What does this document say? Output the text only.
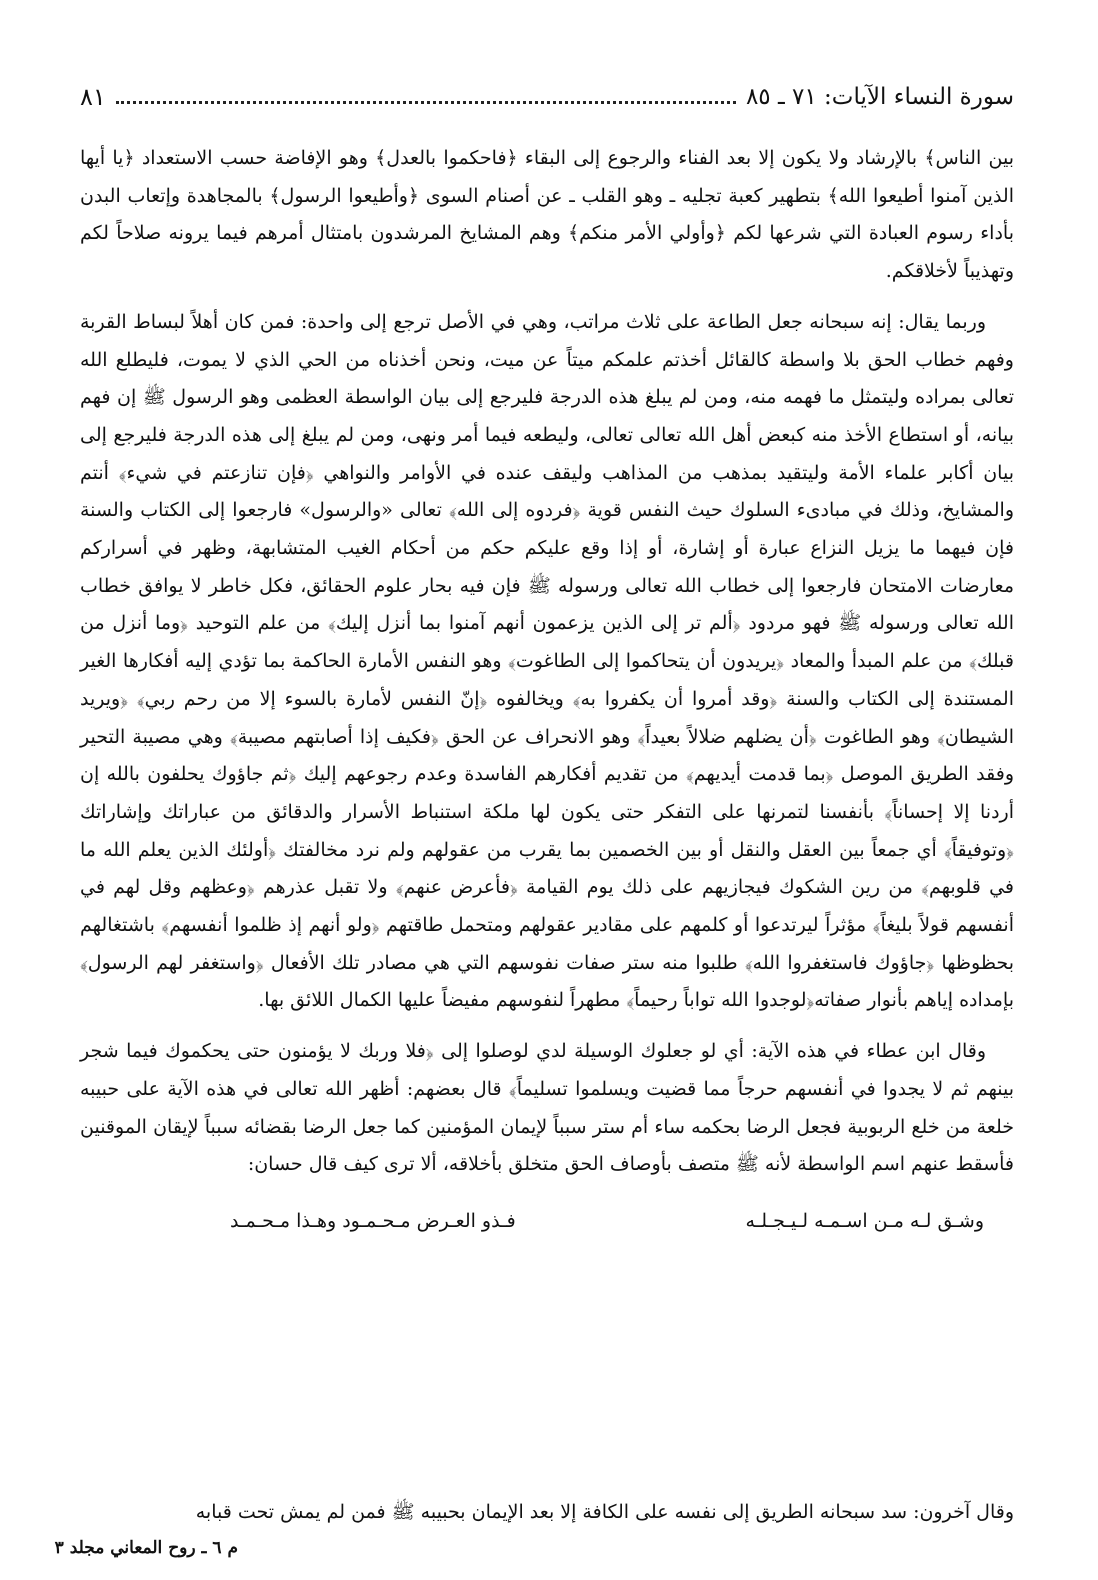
سورة النساء الآيات: ٧١ ـ ٨٥
٨١

بين الناس﴾ بالإرشاد ولا يكون إلا بعد الفناء والرجوع إلى البقاء ﴿فاحكموا بالعدل﴾ وهو الإفاضة حسب الاستعداد ﴿يا أيها الذين آمنوا أطيعوا الله﴾ بتطهير كعبة تجليه ـ وهو القلب ـ عن أصنام السوى ﴿وأطيعوا الرسول﴾ بالمجاهدة وإتعاب البدن بأداء رسوم العبادة التي شرعها لكم ﴿وأولي الأمر منكم﴾ وهم المشايخ المرشدون بامتثال أمرهم فيما يرونه صلاحاً لكم وتهذيباً لأخلاقكم.

وربما يقال: إنه سبحانه جعل الطاعة على ثلاث مراتب، وهي في الأصل ترجع إلى واحدة: فمن كان أهلاً لبساط القربة وفهم خطاب الحق بلا واسطة كالقائل أخذتم علمكم ميتاً عن ميت، ونحن أخذناه من الحي الذي لا يموت، فليطلع الله تعالى بمراده وليتمثل ما فهمه منه، ومن لم يبلغ هذه الدرجة فليرجع إلى بيان الواسطة العظمى وهو الرسول ﷺ إن فهم بيانه، أو استطاع الأخذ منه كبعض أهل الله تعالى تعالى، وليطعه فيما أمر ونهى، ومن لم يبلغ إلى هذه الدرجة فليرجع إلى بيان أكابر علماء الأمة وليتقيد بمذهب من المذاهب وليقف عنده في الأوامر والنواهي ﴿فإن تنازعتم في شيء﴾ أنتم والمشايخ، وذلك في مبادىء السلوك حيث النفس قوية ﴿فردوه إلى الله﴾ تعالى «والرسول» فارجعوا إلى الكتاب والسنة فإن فيهما ما يزيل النزاع عبارة أو إشارة، أو إذا وقع عليكم حكم من أحكام الغيب المتشابهة، وظهر في أسراركم معارضات الامتحان فارجعوا إلى خطاب الله تعالى ورسوله ﷺ فإن فيه بحار علوم الحقائق، فكل خاطر لا يوافق خطاب الله تعالى ورسوله ﷺ فهو مردود ﴿ألم تر إلى الذين يزعمون أنهم آمنوا بما أنزل إليك﴾ من علم التوحيد ﴿وما أنزل من قبلك﴾ من علم المبدأ والمعاد ﴿يريدون أن يتحاكموا إلى الطاغوت﴾ وهو النفس الأمارة الحاكمة بما تؤدي إليه أفكارها الغير المستندة إلى الكتاب والسنة ﴿وقد أمروا أن يكفروا به﴾ ويخالفوه ﴿إنّ النفس لأمارة بالسوء إلا من رحم ربي﴾ ﴿ويريد الشيطان﴾ وهو الطاغوت ﴿أن يضلهم ضلالاً بعيداً﴾ وهو الانحراف عن الحق ﴿فكيف إذا أصابتهم مصيبة﴾ وهي مصيبة التحير وفقد الطريق الموصل ﴿بما قدمت أيديهم﴾ من تقديم أفكارهم الفاسدة وعدم رجوعهم إليك ﴿ثم جاؤوك يحلفون بالله إن أردنا إلا إحساناً﴾ بأنفسنا لتمرنها على التفكر حتى يكون لها ملكة استنباط الأسرار والدقائق من عباراتك وإشاراتك ﴿وتوفيقاً﴾ أي جمعاً بين العقل والنقل أو بين الخصمين بما يقرب من عقولهم ولم نرد مخالفتك ﴿أولئك الذين يعلم الله ما في قلوبهم﴾ من رين الشكوك فيجازيهم على ذلك يوم القيامة ﴿فأعرض عنهم﴾ ولا تقبل عذرهم ﴿وعظهم وقل لهم في أنفسهم قولاً بليغاً﴾ مؤثراً ليرتدعوا أو كلمهم على مقادير عقولهم ومتحمل طاقتهم ﴿ولو أنهم إذ ظلموا أنفسهم﴾ باشتغالهم بحظوظها ﴿جاؤوك فاستغفروا الله﴾ طلبوا منه ستر صفات نفوسهم التي هي مصادر تلك الأفعال ﴿واستغفر لهم الرسول﴾ بإمداده إياهم بأنوار صفاته﴿لوجدوا الله تواباً رحيماً﴾ مطهراً لنفوسهم مفيضاً عليها الكمال اللائق بها.

وقال ابن عطاء في هذه الآية: أي لو جعلوك الوسيلة لدي لوصلوا إلى ﴿فلا وربك لا يؤمنون حتى يحكموك فيما شجر بينهم ثم لا يجدوا في أنفسهم حرجاً مما قضيت ويسلموا تسليماً﴾ قال بعضهم: أظهر الله تعالى في هذه الآية على حبيبه خلعة من خلع الربوبية فجعل الرضا بحكمه ساء أم ستر سبباً لإيمان المؤمنين كما جعل الرضا بقضائه سبباً لإيقان الموقنين فأسقط عنهم اسم الواسطة لأنه ﷺ متصف بأوصاف الحق متخلق بأخلاقه، ألا ترى كيف قال حسان:

وشـق لـه مـن اسـمـه لـيـجـلـه
فـذو العـرض مـحـمـود وهـذا مـحـمـد
وقال آخرون: سد سبحانه الطريق إلى نفسه على الكافة إلا بعد الإيمان بحبيبه ﷺ فمن لم يمش تحت قبابه
م ٦ ـ روح المعاني مجلد ٣
